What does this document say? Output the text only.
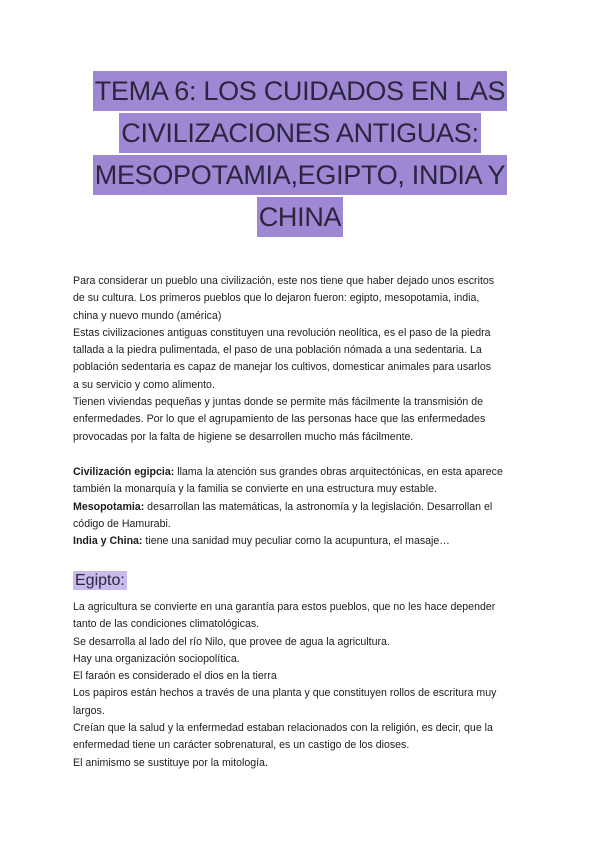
TEMA 6: LOS CUIDADOS EN LAS
CIVILIZACIONES ANTIGUAS:
MESOPOTAMIA,EGIPTO, INDIA Y
CHINA

Para considerar un pueblo una civilización, este nos tiene que haber dejado unos escritos

de su cultura. Los primeros pueblos que lo dejaron fueron: egipto, mesopotamia, india,

china y nuevo mundo (américa)

Estas civilizaciones antiguas constituyen una revolución neolítica, es el paso de la piedra

tallada a la piedra pulimentada, el paso de una población nómada a una sedentaria. La

población sedentaria es capaz de manejar los cultivos, domesticar animales para usarlos

a su servicio y como alimento.

Tienen viviendas pequeñas y juntas donde se permite más fácilmente la transmisión de

enfermedades. Por lo que el agrupamiento de las personas hace que las enfermedades

provocadas por la falta de higiene se desarrollen mucho más fácilmente.

Civilización egipcia: llama la atención sus grandes obras arquitectónicas, en esta aparece

también la monarquía y la familia se convierte en una estructura muy estable.

Mesopotamia: desarrollan las matemáticas, la astronomía y la legislación. Desarrollan el

código de Hamurabi.

India y China: tiene una sanidad muy peculiar como la acupuntura, el masaje…

Egipto:

La agricultura se convierte en una garantía para estos pueblos, que no les hace depender

tanto de las condiciones climatológicas.

Se desarrolla al lado del río Nilo, que provee de agua la agricultura.

Hay una organización sociopolítica.

El faraón es considerado el dios en la tierra

Los papiros están hechos a través de una planta y que constituyen rollos de escritura muy

largos.

Creían que la salud y la enfermedad estaban relacionados con la religión, es decir, que la

enfermedad tiene un carácter sobrenatural, es un castigo de los dioses.

El animismo se sustituye por la mitología.
